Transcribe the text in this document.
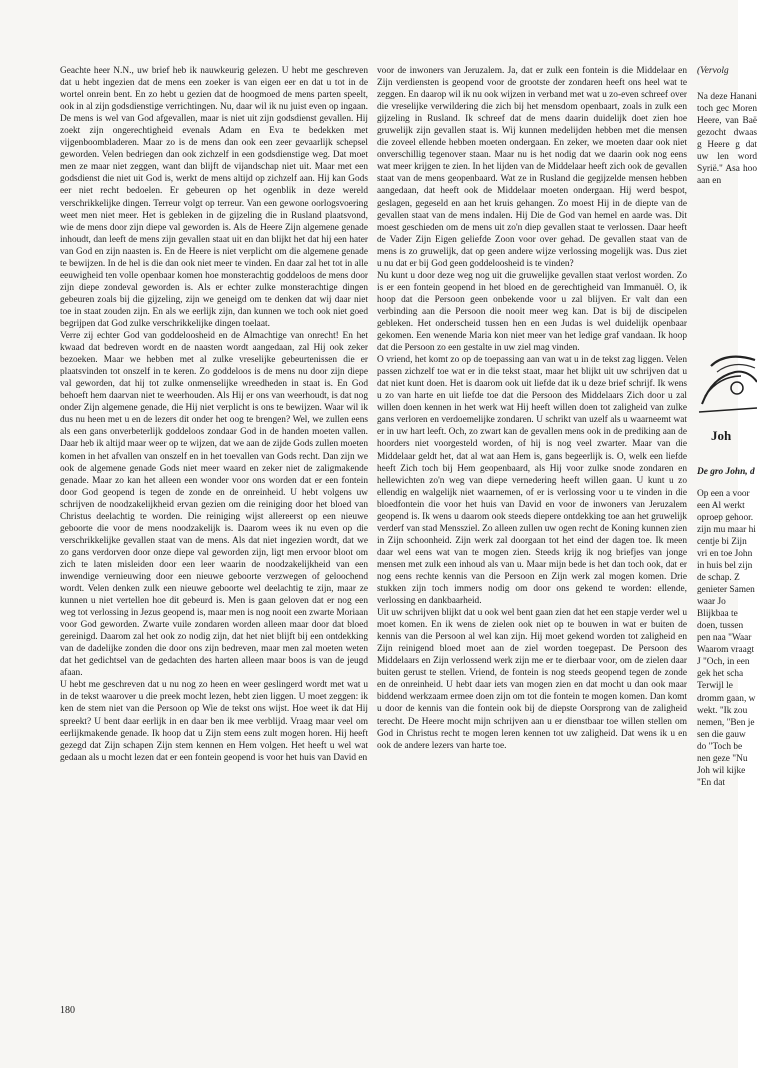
Geachte heer N.N., uw brief heb ik nauwkeurig gelezen. U hebt me geschreven dat u hebt ingezien dat de mens een zoeker is van eigen eer en dat u tot in de wortel onrein bent. En zo hebt u gezien dat de hoogmoed de mens parten speelt, ook in al zijn godsdienstige verrichtingen. Nu, daar wil ik nu juist even op ingaan. De mens is wel van God afgevallen, maar is niet uit zijn godsdienst gevallen. Hij zoekt zijn ongerechtigheid evenals Adam en Eva te bedekken met vijgenboombladeren. Maar zo is de mens dan ook een zeer gevaarlijk schepsel geworden. Velen bedriegen dan ook zichzelf in een godsdienstige weg. Dat moet men ze maar niet zeggen, want dan blijft de vijandschap niet uit. Maar met een godsdienst die niet uit God is, werkt de mens altijd op zichzelf aan. Hij kan Gods eer niet recht bedoelen. Er gebeuren op het ogenblik in deze wereld verschrikkelijke dingen. Terreur volgt op terreur. Van een gewone oorlogsvoering weet men niet meer. Het is gebleken in de gijzeling die in Rusland plaatsvond, wie de mens door zijn diepe val geworden is. Als de Heere Zijn algemene genade inhoudt, dan leeft de mens zijn gevallen staat uit en dan blijkt het dat hij een hater van God en zijn naasten is. En de Heere is niet verplicht om die algemene genade te bewijzen. In de hel is die dan ook niet meer te vinden. En daar zal het tot in alle eeuwigheid ten volle openbaar komen hoe monsterachtig goddeloos de mens door zijn diepe zondeval geworden is. Als er echter zulke monsterachtige dingen gebeuren zoals bij die gijzeling, zijn we geneigd om te denken dat wij daar niet toe in staat zouden zijn. En als we eerlijk zijn, dan kunnen we toch ook niet goed begrijpen dat God zulke verschrikkelijke dingen toelaat.

Verre zij echter God van goddeloosheid en de Almachtige van onrecht! En het kwaad dat bedreven wordt en de naasten wordt aangedaan, zal Hij ook zeker bezoeken. Maar we hebben met al zulke vreselijke gebeurtenissen die er plaatsvinden tot onszelf in te keren. Zo goddeloos is de mens nu door zijn diepe val geworden, dat hij tot zulke onmenselijke wreedheden in staat is. En God behoeft hem daarvan niet te weerhouden. Als Hij er ons van weerhoudt, is dat nog onder Zijn algemene genade, die Hij niet verplicht is ons te bewijzen. Waar wil ik dus nu heen met u en de lezers dit onder het oog te brengen? Wel, we zullen eens als een gans onverbeterlijk goddeloos zondaar God in de handen moeten vallen. Daar heb ik altijd maar weer op te wijzen, dat we aan de zijde Gods zullen moeten komen in het afvallen van onszelf en in het toevallen van Gods recht. Dan zijn we ook de algemene genade Gods niet meer waard en zeker niet de zaligmakende genade. Maar zo kan het alleen een wonder voor ons worden dat er een fontein door God geopend is tegen de zonde en de onreinheid. U hebt volgens uw schrijven de noodzakelijkheid ervan gezien om die reiniging door het bloed van Christus deelachtig te worden. Die reiniging wijst allereerst op een nieuwe geboorte die voor de mens noodzakelijk is. Daarom wees ik nu even op die verschrikkelijke gevallen staat van de mens. Als dat niet ingezien wordt, dat we zo gans verdorven door onze diepe val geworden zijn, ligt men ervoor bloot om zich te laten misleiden door een leer waarin de noodzakelijkheid van een inwendige vernieuwing door een nieuwe geboorte verzwegen of geloochend wordt. Velen denken zulk een nieuwe geboorte wel deelachtig te zijn, maar ze kunnen u niet vertellen hoe dit gebeurd is. Men is gaan geloven dat er nog een weg tot verlossing in Jezus geopend is, maar men is nog nooit een zwarte Moriaan voor God geworden. Zwarte vuile zondaren worden alleen maar door dat bloed gereinigd. Daarom zal het ook zo nodig zijn, dat het niet blijft bij een ontdekking van de dadelijke zonden die door ons zijn bedreven, maar men zal moeten weten dat het gedichtsel van de gedachten des harten alleen maar boos is van de jeugd afaan.

U hebt me geschreven dat u nu nog zo heen en weer geslingerd wordt met wat u in de tekst waarover u die preek mocht lezen, hebt zien liggen. U moet zeggen: ik ken de stem niet van die Persoon op Wie de tekst ons wijst. Hoe weet ik dat Hij spreekt? U bent daar eerlijk in en daar ben ik mee verblijd. Vraag maar veel om eerlijkmakende genade. Ik hoop dat u Zijn stem eens zult mogen horen. Hij heeft gezegd dat Zijn schapen Zijn stem kennen en Hem volgen. Het heeft u wel wat gedaan als u mocht lezen dat er een fontein geopend is voor het huis van David en

voor de inwoners van Jeruzalem. Ja, dat er zulk een fontein is die Middelaar en Zijn verdiensten is geopend voor de grootste der zondaren heeft ons heel wat te zeggen. En daarop wil ik nu ook wijzen in verband met wat u zo-even schreef over die vreselijke verwildering die zich bij het mensdom openbaart, zoals in zulk een gijzeling in Rusland. Ik schreef dat de mens daarin duidelijk doet zien hoe gruwelijk zijn gevallen staat is. Wij kunnen medelijden hebben met die mensen die zoveel ellende hebben moeten ondergaan. En zeker, we moeten daar ook niet onverschillig tegenover staan. Maar nu is het nodig dat we daarin ook nog eens wat meer krijgen te zien. In het lijden van de Middelaar heeft zich ook de gevallen staat van de mens geopenbaard. Wat ze in Rusland die gegijzelde mensen hebben aangedaan, dat heeft ook de Middelaar moeten ondergaan. Hij werd bespot, geslagen, gegeseld en aan het kruis gehangen. Zo moest Hij in de diepte van de gevallen staat van de mens indalen. Hij Die de God van hemel en aarde was. Dit moest geschieden om de mens uit zo'n diep gevallen staat te verlossen. Daar heeft de Vader Zijn Eigen geliefde Zoon voor over gehad. De gevallen staat van de mens is zo gruwelijk, dat op geen andere wijze verlossing mogelijk was. Dus ziet u nu dat er bij God geen goddeloosheid is te vinden?

Nu kunt u door deze weg nog uit die gruwelijke gevallen staat verlost worden. Zo is er een fontein geopend in het bloed en de gerechtigheid van Immanuël. O, ik hoop dat die Persoon geen onbekende voor u zal blijven. Er valt dan een verbinding aan die Persoon die nooit meer weg kan. Dat is bij de discipelen gebleken. Het onderscheid tussen hen en een Judas is wel duidelijk openbaar gekomen. Een wenende Maria kon niet meer van het ledige graf vandaan. Ik hoop dat die Persoon zo een gestalte in uw ziel mag vinden.

O vriend, het komt zo op de toepassing aan van wat u in de tekst zag liggen. Velen passen zichzelf toe wat er in die tekst staat, maar het blijkt uit uw schrijven dat u dat niet kunt doen. Het is daarom ook uit liefde dat ik u deze brief schrijf. Ik wens u zo van harte en uit liefde toe dat die Persoon des Middelaars Zich door u zal willen doen kennen in het werk wat Hij heeft willen doen tot zaligheid van zulke gans verloren en verdoemelijke zondaren. U schrikt van uzelf als u waarneemt wat er in uw hart leeft. Och, zo zwart kan de gevallen mens ook in de prediking aan de hoorders niet voorgesteld worden, of hij is nog veel zwarter. Maar van die Middelaar geldt het, dat al wat aan Hem is, gans begeerlijk is. O, welk een liefde heeft Zich toch bij Hem geopenbaard, als Hij voor zulke snode zondaren en hellewichten zo'n weg van diepe vernedering heeft willen gaan. U kunt u zo ellendig en walgelijk niet waarnemen, of er is verlossing voor u te vinden in die bloedfontein die voor het huis van David en voor de inwoners van Jeruzalem geopend is. Ik wens u daarom ook steeds diepere ontdekking toe aan het gruwelijk verderf van stad Menssziel. Zo alleen zullen uw ogen recht de Koning kunnen zien in Zijn schoonheid. Zijn werk zal doorgaan tot het eind der dagen toe. Ik meen daar wel eens wat van te mogen zien. Steeds krijg ik nog briefjes van jonge mensen met zulk een inhoud als van u. Maar mijn bede is het dan toch ook, dat er nog eens rechte kennis van die Persoon en Zijn werk zal mogen komen. Drie stukken zijn toch immers nodig om door ons gekend te worden: ellende, verlossing en dankbaarheid.

Uit uw schrijven blijkt dat u ook wel bent gaan zien dat het een stapje verder wel u moet komen. En ik wens de zielen ook niet op te bouwen in wat er buiten de kennis van die Persoon al wel kan zijn. Hij moet gekend worden tot zaligheid en Zijn reinigend bloed moet aan de ziel worden toegepast. De Persoon des Middelaars en Zijn verlossend werk zijn me er te dierbaar voor, om de zielen daar buiten gerust te stellen. Vriend, de fontein is nog steeds geopend tegen de zonde en de onreinheid. U hebt daar iets van mogen zien en dat mocht u dan ook maar biddend werkzaam ermee doen zijn om tot die fontein te mogen komen. Dan komt u door de kennis van die fontein ook bij de diepste Oorsprong van de zaligheid terecht. De Heere mocht mijn schrijven aan u er dienstbaar toe willen stellen om God in Christus recht te mogen leren kennen tot uw zaligheid. Dat wens ik u en ook de andere lezers van harte toe.

(Vervolg

Na deze Hanani toch gec Moren Heere, van Baë gezocht dwaas g Heere g dat uw len word Syrië." Asa hoo aan en

Joh

De gro John, d

Op een a voor een Al werkt oproep gehoor. zijn mu maar hi centje bi Zijn vri en toe John in huis bel zijn de schap. Z genieter Samen waar Jo Blijkbaa te doen, tussen pen naa "Waar Waarom vraagt J "Och, in een gek het scha Terwijl le dromm gaan, w wekt. "Ik zou nemen, "Ben je sen die gauw do "Toch be nen geze "Nu Joh wil kijke "En dat

180
